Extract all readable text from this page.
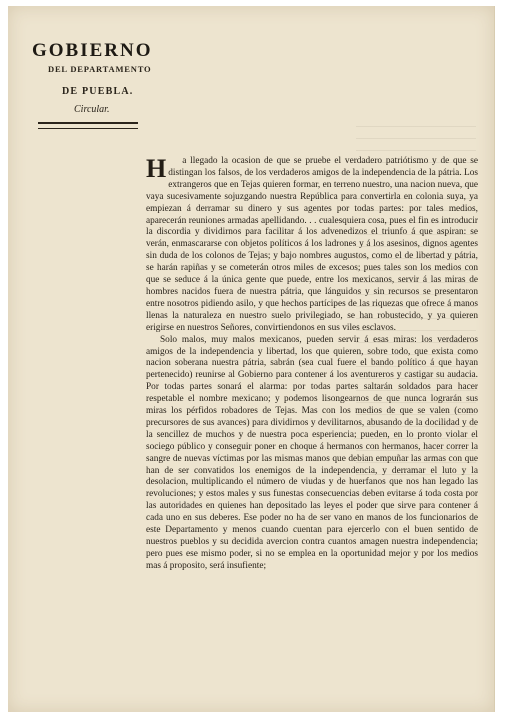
GOBIERNO
DEL DEPARTAMENTO
DE PUEBLA.
Circular.

H a llegado la ocasion de que se pruebe el verdadero patriótismo y de que se distingan los falsos, de los verdaderos amigos de la independencia de la pátria. Los extrangeros que en Tejas quieren formar, en terreno nuestro, una nacion nueva, que vaya sucesivamente sojuzgando nuestra República para convertirla en colonia suya, ya empiezan á derramar su dinero y sus agentes por todas partes: por tales medios, aparecerán reuniones armadas apellidando. . . cualesquiera cosa, pues el fin es introducir la discordia y dividirnos para facilitar á los advenedizos el triunfo á que aspiran: se verán, enmascararse con objetos políticos á los ladrones y á los asesinos, dignos agentes sin duda de los colonos de Tejas; y bajo nombres augustos, como el de libertad y pátria, se harán rapiñas y se cometerán otros miles de excesos; pues tales son los medios con que se seduce á la única gente que puede, entre los mexicanos, servir á las miras de hombres nacidos fuera de nuestra pátria, que lánguidos y sin recursos se presentaron entre nosotros pidiendo asilo, y que hechos partícipes de las riquezas que ofrece á manos llenas la naturaleza en nuestro suelo privilegiado, se han robustecido, y ya quieren erigirse en nuestros Señores, convirtiendonos en sus viles esclavos.

Solo malos, muy malos mexicanos, pueden servir á esas miras: los verdaderos amigos de la independencia y libertad, los que quieren, sobre todo, que exista como nacion soberana nuestra pátria, sabrán (sea cual fuere el bando político á que hayan pertenecido) reunirse al Gobierno para contener á los aventureros y castigar su audacia. Por todas partes sonará el alarma: por todas partes saltarán soldados para hacer respetable el nombre mexicano; y podemos lisongearnos de que nunca lograrán sus miras los pérfidos robadores de Tejas. Mas con los medios de que se valen (como precursores de sus avances) para dividirnos y devilitarnos, abusando de la docilidad y de la sencillez de muchos y de nuestra poca esperiencia; pueden, en lo pronto violar el sociego público y conseguir poner en choque á hermanos con hermanos, hacer correr la sangre de nuevas víctimas por las mismas manos que debian empuñar las armas con que han de ser convatidos los enemigos de la independencia, y derramar el luto y la desolacion, multiplicando el número de viudas y de huerfanos que nos han legado las revoluciones; y estos males y sus funestas consecuencias deben evitarse á toda costa por las autoridades en quienes han depositado las leyes el poder que sirve para contener á cada uno en sus deberes. Ese poder no ha de ser vano en manos de los funcionarios de este Departamento y menos cuando cuentan para ejercerlo con el buen sentido de nuestros pueblos y su decidida avercion contra cuantos amagen nuestra independencia; pero pues ese mismo poder, si no se emplea en la oportunidad mejor y por los medios mas á proposito, será insufiente;
